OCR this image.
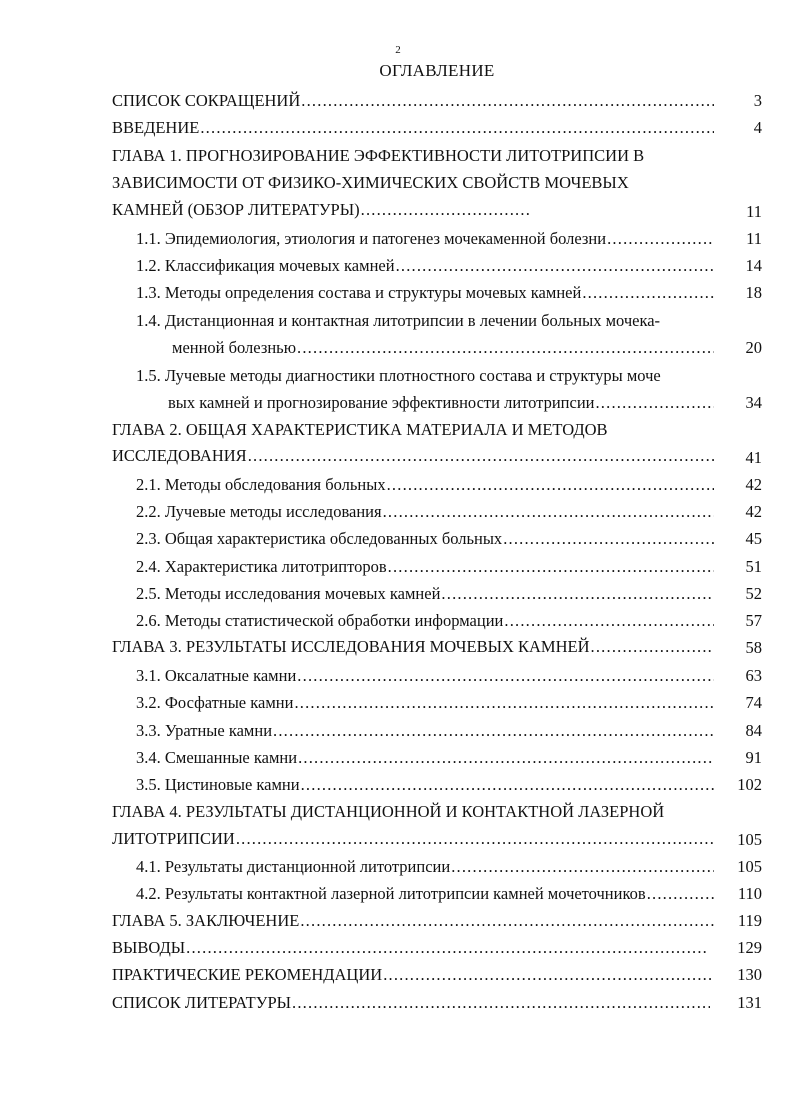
2
ОГЛАВЛЕНИЕ
СПИСОК СОКРАЩЕНИЙ .....	3
ВВЕДЕНИЕ .....	4
ГЛАВА 1. ПРОГНОЗИРОВАНИЕ ЭФФЕКТИВНОСТИ ЛИТОТРИПСИИ В
ЗАВИСИМОСТИ ОТ ФИЗИКО-ХИМИЧЕСКИХ СВОЙСТВ МОЧЕВЫХ
КАМНЕЙ (ОБЗОР ЛИТЕРАТУРЫ) .....	11
1.1. Эпидемиология, этиология и патогенез мочекаменной болезни .....	11
1.2. Классификация мочевых камней .....	14
1.3. Методы определения состава и структуры мочевых камней .....	18
1.4. Дистанционная и контактная литотрипсии в лечении больных мочека-
менной болезнью .....	20
1.5. Лучевые методы диагностики плотностного состава и структуры моче
вых камней и прогнозирование эффективности литотрипсии .....	34
ГЛАВА 2. ОБЩАЯ ХАРАКТЕРИСТИКА МАТЕРИАЛА И МЕТОДОВ
ИССЛЕДОВАНИЯ .....	41
2.1. Методы обследования больных .....	42
2.2. Лучевые методы исследования .....	42
2.3. Общая характеристика обследованных больных .....	45
2.4. Характеристика литотрипторов .....	51
2.5. Методы исследования мочевых камней .....	52
2.6. Методы статистической обработки информации .....	57
ГЛАВА 3. РЕЗУЛЬТАТЫ ИССЛЕДОВАНИЯ МОЧЕВЫХ КАМНЕЙ .....	58
3.1. Оксалатные камни .....	63
3.2. Фосфатные камни .....	74
3.3. Уратные камни .....	84
3.4. Смешанные камни .....	91
3.5. Цистиновые камни .....	102
ГЛАВА 4. РЕЗУЛЬТАТЫ ДИСТАНЦИОННОЙ И КОНТАКТНОЙ ЛАЗЕРНОЙ
ЛИТОТРИПСИИ .....	105
4.1. Результаты дистанционной литотрипсии .....	105
4.2. Результаты контактной лазерной литотрипсии камней мочеточников .....	110
ГЛАВА 5. ЗАКЛЮЧЕНИЕ .....	119
ВЫВОДЫ .....	129
ПРАКТИЧЕСКИЕ РЕКОМЕНДАЦИИ .....	130
СПИСОК ЛИТЕРАТУРЫ .....	131
